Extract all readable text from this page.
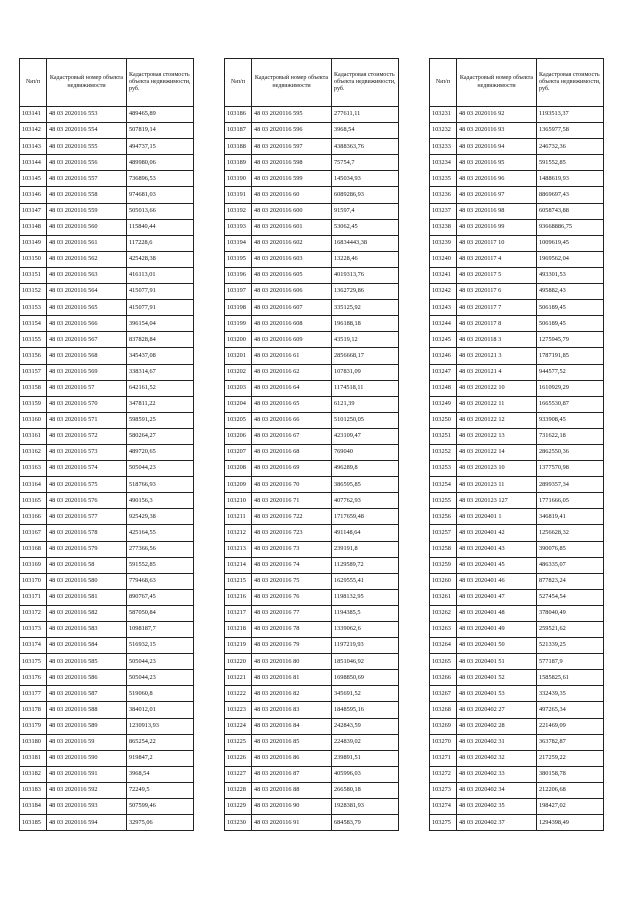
№п/п	Кадастровый номер объекта недвижимости	Кадастровая стоимость объекта недвижимости, руб.
103141	48 03 2020116 553	489465,89
103142	48 03 2020116 554	507819,14
103143	48 03 2020116 555	494737,15
103144	48 03 2020116 556	489980,06
103145	48 03 2020116 557	736896,53
103146	48 03 2020116 558	974681,03
103147	48 03 2020116 559	505013,66
103148	48 03 2020116 560	115840,44
103149	48 03 2020116 561	117228,6
103150	48 03 2020116 562	425428,38
103151	48 03 2020116 563	416113,01
103152	48 03 2020116 564	415077,91
103153	48 03 2020116 565	415077,91
103154	48 03 2020116 566	396154,04
103155	48 03 2020116 567	837828,84
103156	48 03 2020116 568	345437,08
103157	48 03 2020116 569	338314,67
103158	48 03 2020116 57	642161,52
103159	48 03 2020116 570	347811,22
103160	48 03 2020116 571	598591,25
103161	48 03 2020116 572	580264,27
103162	48 03 2020116 573	489720,65
103163	48 03 2020116 574	505044,23
103164	48 03 2020116 575	518766,93
103165	48 03 2020116 576	490156,3
103166	48 03 2020116 577	925429,38
103167	48 03 2020116 578	425164,55
103168	48 03 2020116 579	277366,56
103169	48 03 2020116 58	591552,85
103170	48 03 2020116 580	779468,63
103171	48 03 2020116 581	890767,45
103172	48 03 2020116 582	587050,84
103173	48 03 2020116 583	1098187,7
103174	48 03 2020116 584	516932,15
103175	48 03 2020116 585	505044,23
103176	48 03 2020116 586	505044,23
103177	48 03 2020116 587	519060,8
103178	48 03 2020116 588	384012,01
103179	48 03 2020116 589	1230913,93
103180	48 03 2020116 59	865254,22
103181	48 03 2020116 590	919847,2
103182	48 03 2020116 591	3968,54
103183	48 03 2020116 592	72249,5
103184	48 03 2020116 593	507599,46
103185	48 03 2020116 594	32975,06
№п/п	Кадастровый номер объекта недвижимости	Кадастровая стоимость объекта недвижимости, руб.
103186	48 03 2020116 595	277611,11
103187	48 03 2020116 596	3968,54
103188	48 03 2020116 597	4388363,76
103189	48 03 2020116 598	75754,7
103190	48 03 2020116 599	145034,93
103191	48 03 2020116 60	6089286,93
103192	48 03 2020116 600	91597,4
103193	48 03 2020116 601	53062,45
103194	48 03 2020116 602	16834443,38
103195	48 03 2020116 603	13228,46
103196	48 03 2020116 605	4019313,76
103197	48 03 2020116 606	1362729,86
103198	48 03 2020116 607	335125,92
103199	48 03 2020116 608	196188,18
103200	48 03 2020116 609	43519,12
103201	48 03 2020116 61	2856668,17
103202	48 03 2020116 62	107831,09
103203	48 03 2020116 64	1174518,11
103204	48 03 2020116 65	6121,39
103205	48 03 2020116 66	5101250,05
103206	48 03 2020116 67	423109,47
103207	48 03 2020116 68	769040
103208	48 03 2020116 69	496289,8
103209	48 03 2020116 70	386595,85
103210	48 03 2020116 71	407762,93
103211	48 03 2020116 722	1717659,48
103212	48 03 2020116 723	491148,64
103213	48 03 2020116 73	239191,8
103214	48 03 2020116 74	1129589,72
103215	48 03 2020116 75	1629555,41
103216	48 03 2020116 76	1198132,95
103217	48 03 2020116 77	1194385,5
103218	48 03 2020116 78	1339062,6
103219	48 03 2020116 79	1197219,93
103220	48 03 2020116 80	1851046,92
103221	48 03 2020116 81	1698850,69
103222	48 03 2020116 82	345691,52
103223	48 03 2020116 83	1848595,16
103224	48 03 2020116 84	242843,59
103225	48 03 2020116 85	224839,02
103226	48 03 2020116 86	239891,51
103227	48 03 2020116 87	405996,03
103228	48 03 2020116 88	266580,18
103229	48 03 2020116 90	1928381,93
103230	48 03 2020116 91	684583,79
№п/п	Кадастровый номер объекта недвижимости	Кадастровая стоимость объекта недвижимости, руб.
103231	48 03 2020116 92	1193513,37
103232	48 03 2020116 93	1365977,58
103233	48 03 2020116 94	246732,36
103234	48 03 2020116 95	591552,85
103235	48 03 2020116 96	1488619,93
103236	48 03 2020116 97	8869697,43
103237	48 03 2020116 98	6058743,88
103238	48 03 2020116 99	93668886,75
103239	48 03 2020117 10	1009619,45
103240	48 03 2020117 4	1969562,04
103241	48 03 2020117 5	493301,53
103242	48 03 2020117 6	495882,43
103243	48 03 2020117 7	506189,45
103244	48 03 2020117 8	506189,45
103245	48 03 2020118 3	1275945,79
103246	48 03 2020121 3	1787191,85
103247	48 03 2020121 4	944577,52
103248	48 03 2020122 10	1610929,29
103249	48 03 2020122 11	1665530,87
103250	48 03 2020122 12	933908,45
103251	48 03 2020122 13	731622,18
103252	48 03 2020122 14	2862550,36
103253	48 03 2020123 10	1377570,98
103254	48 03 2020123 11	2899357,34
103255	48 03 2020123 127	1771666,05
103256	48 03 2020401 1	346819,41
103257	48 03 2020401 42	1256628,32
103258	48 03 2020401 43	390076,85
103259	48 03 2020401 45	486335,07
103260	48 03 2020401 46	877823,24
103261	48 03 2020401 47	527454,54
103262	48 03 2020401 48	378040,49
103263	48 03 2020401 49	259521,62
103264	48 03 2020401 50	521339,25
103265	48 03 2020401 51	577187,9
103266	48 03 2020401 52	1585825,61
103267	48 03 2020401 53	332439,35
103268	48 03 2020402 27	497265,34
103269	48 03 2020402 28	221469,09
103270	48 03 2020402 31	363782,87
103271	48 03 2020402 32	217259,22
103272	48 03 2020402 33	380158,78
103273	48 03 2020402 34	212206,68
103274	48 03 2020402 35	198427,02
103275	48 03 2020402 37	1294398,49
